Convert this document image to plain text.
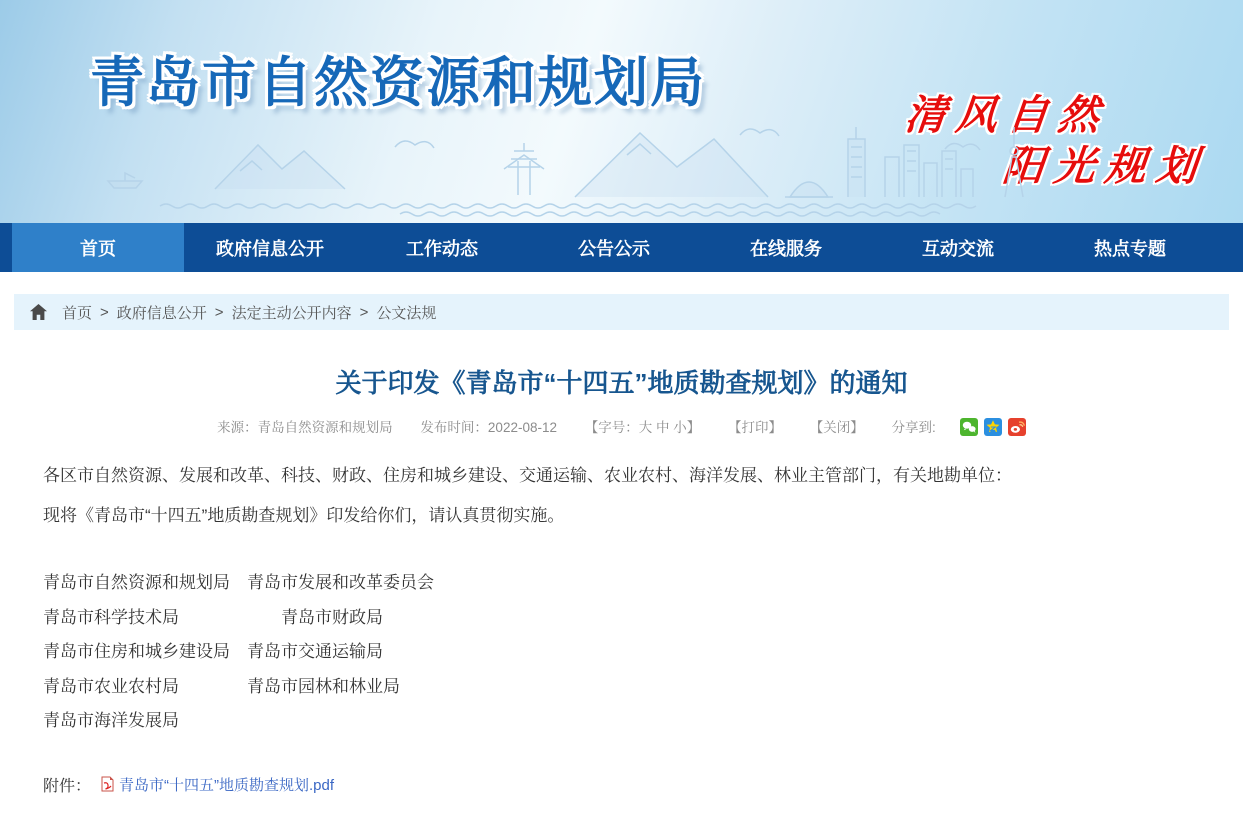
青岛市自然资源和规划局
清风自然
阳光规划
首页	政府信息公开	工作动态	公告公示	在线服务	互动交流	热点专题
首页 > 政府信息公开 > 法定主动公开内容 > 公文法规
关于印发《青岛市“十四五”地质勘查规划》的通知
来源：青岛自然资源和规划局 发布时间：2022-08-12 【字号：大 中 小】 【打印】 【关闭】 分享到:

各区市自然资源、发展和改革、科技、财政、住房和城乡建设、交通运输、农业农村、海洋发展、林业主管部门，有关地勘单位：

现将《青岛市“十四五”地质勘查规划》印发给你们，请认真贯彻实施。

青岛市自然资源和规划局　青岛市发展和改革委员会

青岛市科学技术局　　　　　　青岛市财政局

青岛市住房和城乡建设局　青岛市交通运输局

青岛市农业农村局　　　　青岛市园林和林业局

青岛市海洋发展局

附件： 青岛市“十四五”地质勘查规划.pdf
